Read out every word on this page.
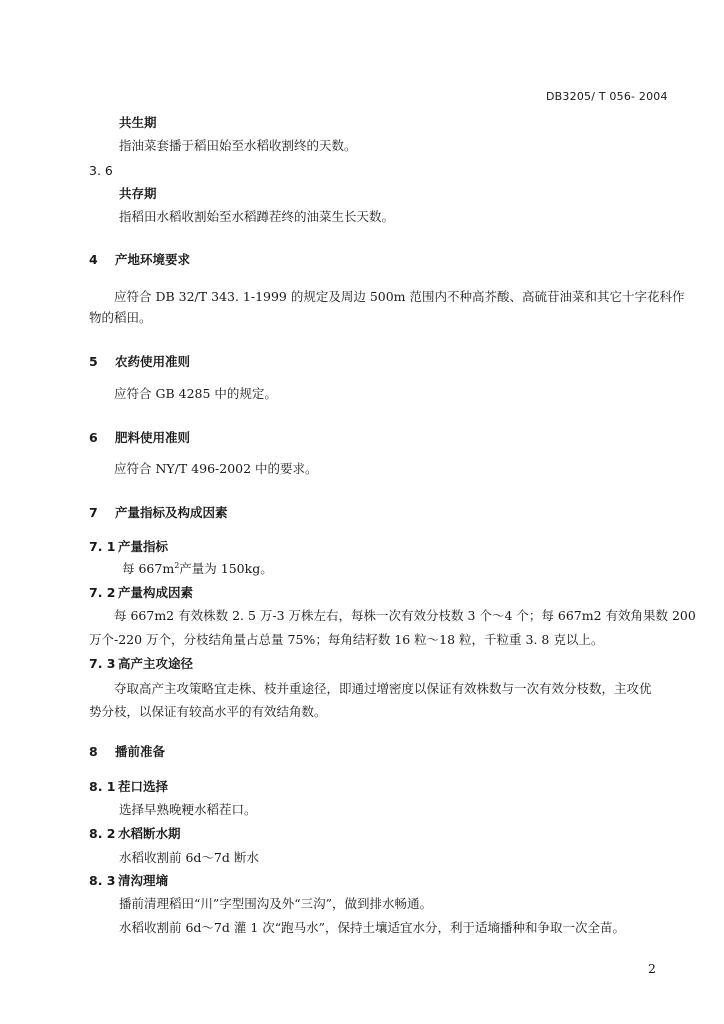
DB3205/ T 056- 2004
共生期
指油菜套播于稻田始至水稻收割终的天数。
3. 6
共存期
指稻田水稻收割始至水稻蹲茬终的油菜生长天数。
4 产地环境要求
应符合 DB 32/T 343. 1-1999 的规定及周边 500m 范围内不种高芥酸、高硫苷油菜和其它十字花科作
物的稻田。
5 农药使用准则
应符合 GB 4285 中的规定。
6 肥料使用准则
应符合 NY/T 496-2002 中的要求。
7 产量指标及构成因素
7. 1 产量指标
每 $667m^2$产量为 150kg。
7. 2 产量构成因素
每 667m2 有效株数 2. 5 万-3 万株左右，每株一次有效分枝数 3 个～4 个；每 667m2 有效角果数 200
万个-220 万个，分枝结角量占总量 75%；每角结籽数 16 粒～18 粒，千粒重 3. 8 克以上。
7. 3 高产主攻途径
夺取高产主攻策略宜走株、枝并重途径，即通过增密度以保证有效株数与一次有效分枝数，主攻优
势分枝，以保证有较高水平的有效结角数。
8 播前准备
8. 1 茬口选择
选择早熟晚粳水稻茬口。
8. 2 水稻断水期
水稻收割前 6d～7d 断水
8. 3 清沟理墒
播前清理稻田“川”字型围沟及外“三沟”，做到排水畅通。
水稻收割前 6d～7d 灌 1 次“跑马水”，保持土壤适宜水分，利于适墒播种和争取一次全苗。
2
